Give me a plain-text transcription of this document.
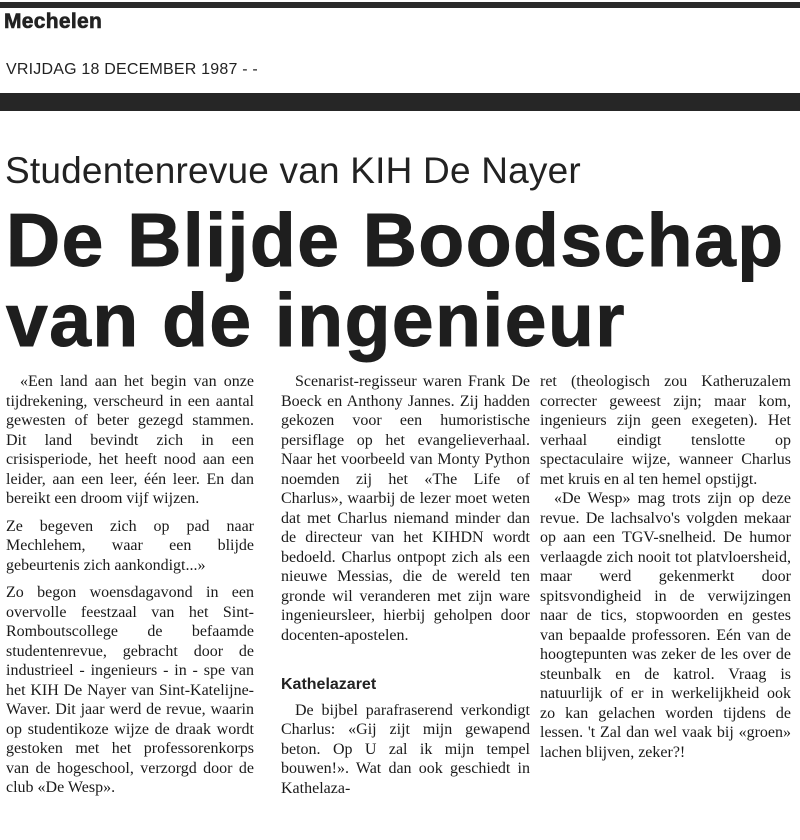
Mechelen
VRIJDAG 18 DECEMBER 1987 - -
Studentenrevue van KIH De Nayer
De Blijde Boodschap
van de ingenieur

«Een land aan het begin van onze tijdrekening, verscheurd in een aantal gewesten of beter gezegd stammen. Dit land bevindt zich in een crisisperiode, het heeft nood aan een leider, aan een leer, één leer. En dan bereikt een droom vijf wijzen.

Ze begeven zich op pad naar Mechlehem, waar een blijde gebeurtenis zich aankondigt...»

Zo begon woensdagavond in een overvolle feestzaal van het Sint-Romboutscollege de befaamde studentenrevue, gebracht door de industrieel - ingenieurs - in - spe van het KIH De Nayer van Sint-Katelijne-Waver. Dit jaar werd de revue, waarin op studentikoze wijze de draak wordt gestoken met het professorenkorps van de hogeschool, verzorgd door de club «De Wesp».

Scenarist-regisseur waren Frank De Boeck en Anthony Jannes. Zij hadden gekozen voor een humoristische persiflage op het evangelieverhaal. Naar het voorbeeld van Monty Python noemden zij het «The Life of Charlus», waarbij de lezer moet weten dat met Charlus niemand minder dan de directeur van het KIHDN wordt bedoeld. Charlus ontpopt zich als een nieuwe Messias, die de wereld ten gronde wil veranderen met zijn ware ingenieursleer, hierbij geholpen door docenten-apostelen.

Kathelazaret

De bijbel parafraserend verkondigt Charlus: «Gij zijt mijn gewapend beton. Op U zal ik mijn tempel bouwen!». Wat dan ook geschiedt in Kathelaza-

ret (theologisch zou Katheruzalem correcter geweest zijn; maar kom, ingenieurs zijn geen exegeten). Het verhaal eindigt tenslotte op spectaculaire wijze, wanneer Charlus met kruis en al ten hemel opstijgt.

«De Wesp» mag trots zijn op deze revue. De lachsalvo's volgden mekaar op aan een TGV-snelheid. De humor verlaagde zich nooit tot platvloersheid, maar werd gekenmerkt door spitsvondigheid in de verwijzingen naar de tics, stopwoorden en gestes van bepaalde professoren. Eén van de hoogtepunten was zeker de les over de steunbalk en de katrol. Vraag is natuurlijk of er in werkelijkheid ook zo kan gelachen worden tijdens de lessen. 't Zal dan wel vaak bij «groen» lachen blijven, zeker?!
